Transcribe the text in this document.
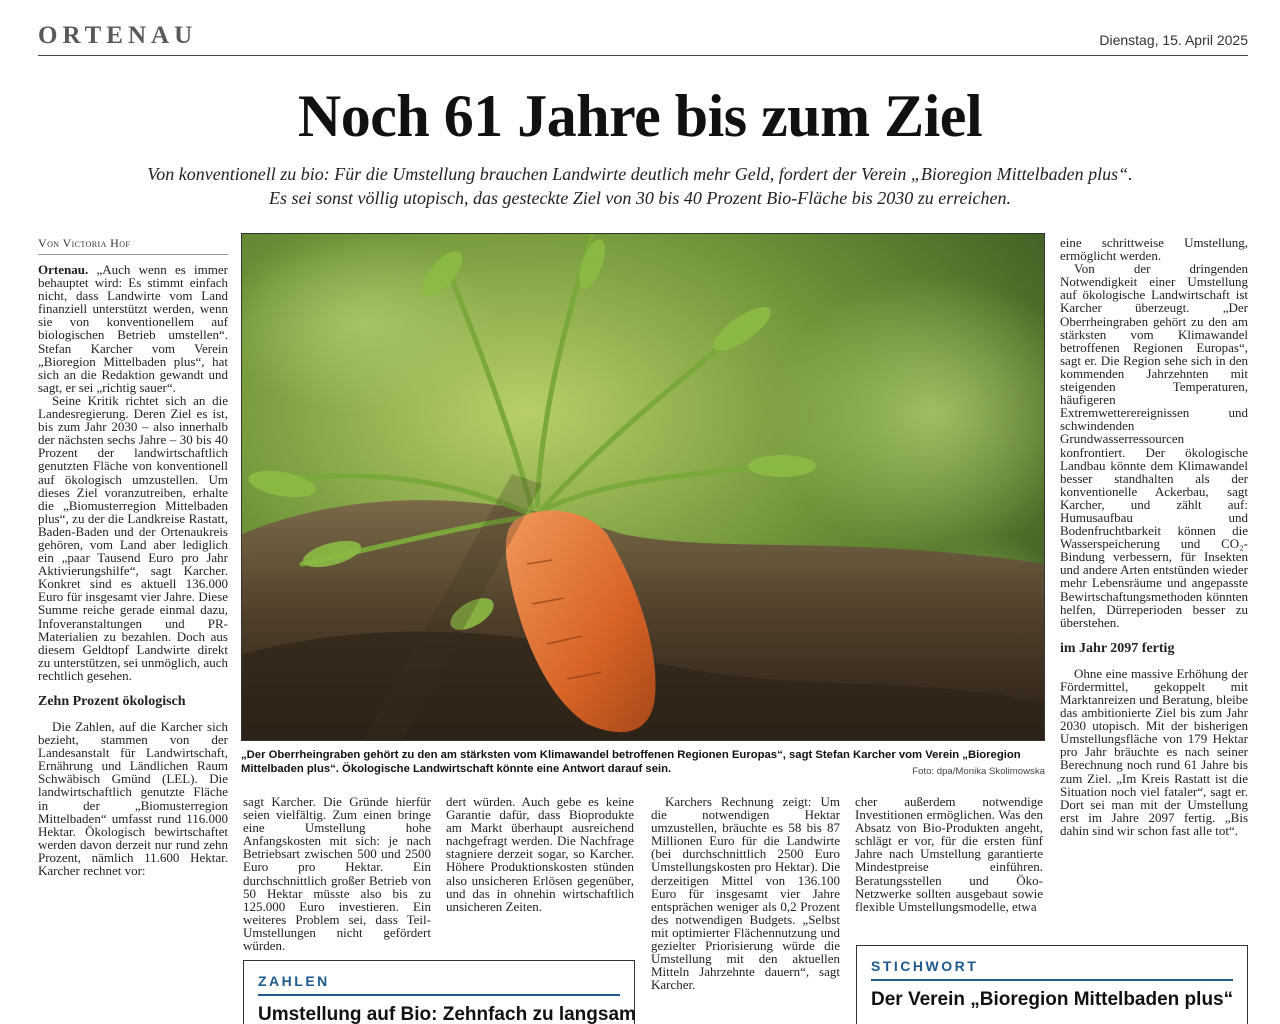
ORTENAU	Dienstag, 15. April 2025
Noch 61 Jahre bis zum Ziel
Von konventionell zu bio: Für die Umstellung brauchen Landwirte deutlich mehr Geld, fordert der Verein „Bioregion Mittelbaden plus“.
Es sei sonst völlig utopisch, das gesteckte Ziel von 30 bis 40 Prozent Bio-Fläche bis 2030 zu erreichen.
Von Victoria Hof

Ortenau. „Auch wenn es immer behauptet wird: Es stimmt einfach nicht, dass Landwirte vom Land finanziell unterstützt werden, wenn sie von konventionellem auf biologischen Betrieb umstellen“. Stefan Karcher vom Verein „Bioregion Mittelbaden plus“, hat sich an die Redaktion gewandt und sagt, er sei „richtig sauer“.

Seine Kritik richtet sich an die Landesregierung. Deren Ziel es ist, bis zum Jahr 2030 – also innerhalb der nächsten sechs Jahre – 30 bis 40 Prozent der landwirtschaftlich genutzten Fläche von konventionell auf ökologisch umzustellen. Um dieses Ziel voranzutreiben, erhalte die „Biomusterregion Mittelbaden plus“, zu der die Landkreise Rastatt, Baden-Baden und der Ortenaukreis gehören, vom Land aber lediglich ein „paar Tausend Euro pro Jahr Aktivierungshilfe“, sagt Karcher. Konkret sind es aktuell 136.000 Euro für insgesamt vier Jahre. Diese Summe reiche gerade einmal dazu, Infoveranstaltungen und PR-Materialien zu bezahlen. Doch aus diesem Geldtopf Landwirte direkt zu unterstützen, sei unmöglich, auch rechtlich gesehen.

Zehn Prozent ökologisch

Die Zahlen, auf die Karcher sich bezieht, stammen von der Landesanstalt für Landwirtschaft, Ernährung und Ländlichen Raum Schwäbisch Gmünd (LEL). Die landwirtschaftlich genutzte Fläche in der „Biomusterregion Mittelbaden“ umfasst rund 116.000 Hektar. Ökologisch bewirtschaftet werden davon derzeit nur rund zehn Prozent, nämlich 11.600 Hektar. Karcher rechnet vor:

„Der Oberrheingraben gehört zu den am stärksten vom Klimawandel betroffenen Regionen Europas“, sagt Stefan Karcher vom Verein „Bioregion Mittelbaden plus“. Ökologische Landwirtschaft könnte eine Antwort darauf sein.	Foto: dpa/Monika Skolimowska

sagt Karcher. Die Gründe hierfür seien vielfältig. Zum einen bringe eine Umstellung hohe Anfangskosten mit sich: je nach Betriebsart zwischen 500 und 2500 Euro pro Hektar. Ein durchschnittlich großer Betrieb von 50 Hektar müsste also bis zu 125.000 Euro investieren. Ein weiteres Problem sei, dass Teil-Umstellungen nicht gefördert würden.

dert würden. Auch gebe es keine Garantie dafür, dass Bioprodukte am Markt überhaupt ausreichend nachgefragt werden. Die Nachfrage stagniere derzeit sogar, so Karcher. Höhere Produktionskosten stünden also unsicheren Erlösen gegenüber, und das in ohnehin wirtschaftlich unsicheren Zeiten.

Karchers Rechnung zeigt: Um die notwendigen Hektar umzustellen, bräuchte es 58 bis 87 Millionen Euro für die Landwirte (bei durchschnittlich 2500 Euro Umstellungskosten pro Hektar). Die derzeitigen Mittel von 136.100 Euro für insgesamt vier Jahre entsprächen weniger als 0,2 Prozent des notwendigen Budgets. „Selbst mit optimierter Flächennutzung und gezielter Priorisierung würde die Umstellung mit den aktuellen Mitteln Jahrzehnte dauern“, sagt Karcher.

cher außerdem notwendige Investitionen ermöglichen. Was den Absatz von Bio-Produkten angeht, schlägt er vor, für die ersten fünf Jahre nach Umstellung garantierte Mindestpreise einführen. Beratungsstellen und Öko-Netzwerke sollten ausgebaut sowie flexible Umstellungsmodelle, etwa

eine schrittweise Umstellung, ermöglicht werden.

Von der dringenden Notwendigkeit einer Umstellung auf ökologische Landwirtschaft ist Karcher überzeugt. „Der Oberrheingraben gehört zu den am stärksten vom Klimawandel betroffenen Regionen Europas“, sagt er. Die Region sehe sich in den kommenden Jahrzehnten mit steigenden Temperaturen, häufigeren Extremwetterereignissen und schwindenden Grundwasserressourcen konfrontiert. Der ökologische Landbau könnte dem Klimawandel besser standhalten als der konventionelle Ackerbau, sagt Karcher, und zählt auf: Humusaufbau und Bodenfruchtbarkeit können die Wasserspeicherung und CO₂-Bindung verbessern, für Insekten und andere Arten entstünden wieder mehr Lebensräume und angepasste Bewirtschaftungsmethoden könnten helfen, Dürreperioden besser zu überstehen.

im Jahr 2097 fertig

Ohne eine massive Erhöhung der Fördermittel, gekoppelt mit Marktanreizen und Beratung, bleibe das ambitionierte Ziel bis zum Jahr 2030 utopisch. Mit der bisherigen Umstellungsfläche von 179 Hektar pro Jahr bräuchte es nach seiner Berechnung noch rund 61 Jahre bis zum Ziel. „Im Kreis Rastatt ist die Situation noch viel fataler“, sagt er. Dort sei man mit der Umstellung erst im Jahre 2097 fertig. „Bis dahin sind wir schon fast alle tot“.

ZAHLEN
Umstellung auf Bio: Zehnfach zu langsam
STICHWORT
Der Verein „Bioregion Mittelbaden plus“
